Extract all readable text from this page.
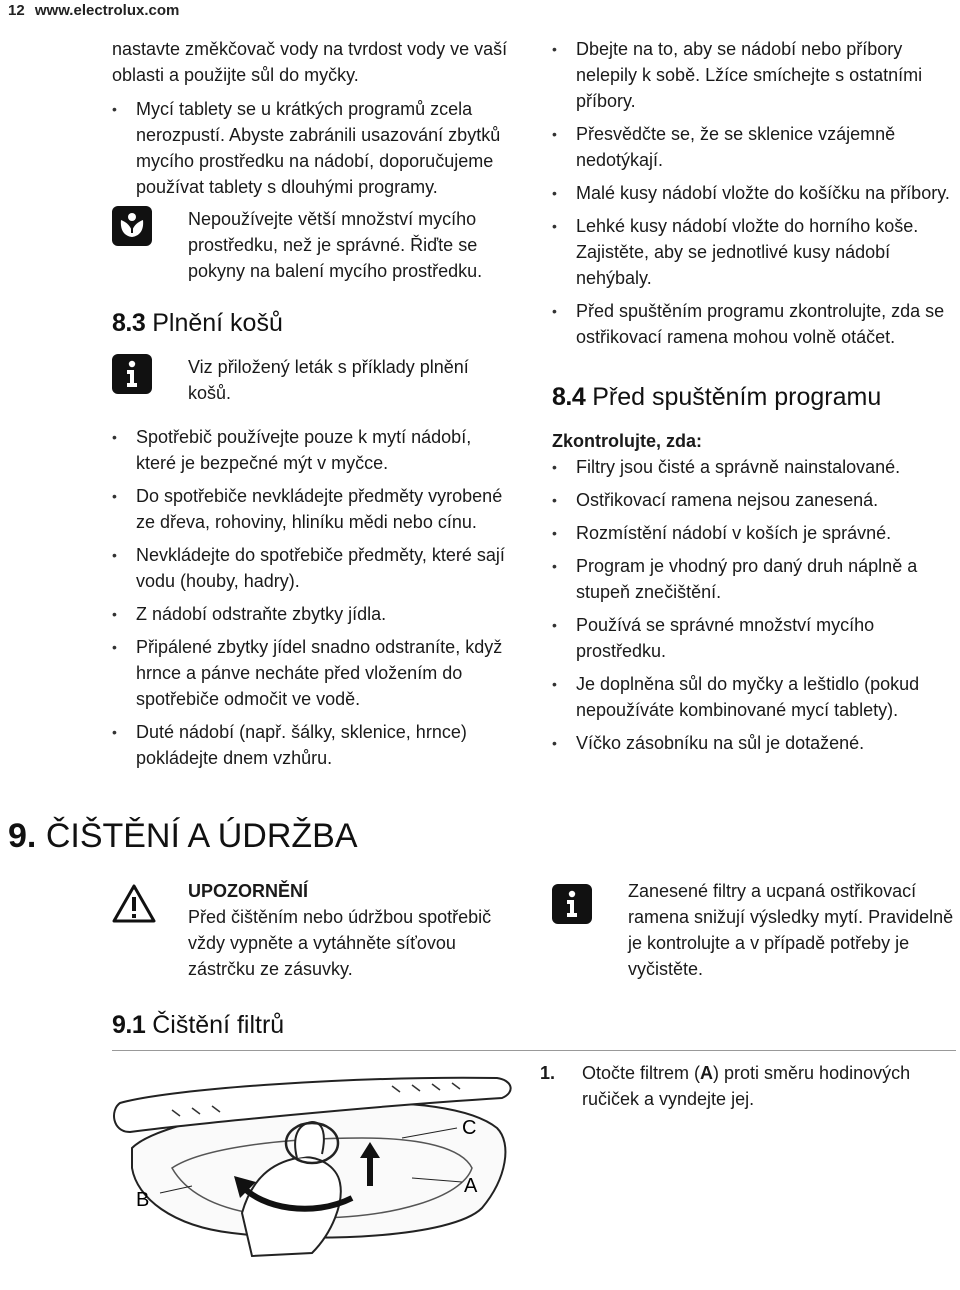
12 www.electrolux.com

nastavte změkčovač vody na tvrdost vody ve vaší oblasti a použijte sůl do myčky.

• Mycí tablety se u krátkých programů zcela nerozpustí. Abyste zabránili usazování zbytků mycího prostředku na nádobí, doporučujeme používat tablety s dlouhými programy.
Nepoužívejte větší množství mycího prostředku, než je správné. Řiďte se pokyny na balení mycího prostředku.
8.3 Plnění košů
Viz přiložený leták s příklady plnění košů.
• Spotřebič používejte pouze k mytí nádobí, které je bezpečné mýt v myčce.
• Do spotřebiče nevkládejte předměty vyrobené ze dřeva, rohoviny, hliníku mědi nebo cínu.
• Nevkládejte do spotřebiče předměty, které sají vodu (houby, hadry).
• Z nádobí odstraňte zbytky jídla.
• Připálené zbytky jídel snadno odstraníte, když hrnce a pánve necháte před vložením do spotřebiče odmočit ve vodě.
• Duté nádobí (např. šálky, sklenice, hrnce) pokládejte dnem vzhůru.
• Dbejte na to, aby se nádobí nebo příbory nelepily k sobě. Lžíce smíchejte s ostatními příbory.
• Přesvědčte se, že se sklenice vzájemně nedotýkají.
• Malé kusy nádobí vložte do košíčku na příbory.
• Lehké kusy nádobí vložte do horního koše. Zajistěte, aby se jednotlivé kusy nádobí nehýbaly.
• Před spuštěním programu zkontrolujte, zda se ostřikovací ramena mohou volně otáčet.
8.4 Před spuštěním programu

Zkontrolujte, zda:

• Filtry jsou čisté a správně nainstalované.
• Ostřikovací ramena nejsou zanesená.
• Rozmístění nádobí v koších je správné.
• Program je vhodný pro daný druh náplně a stupeň znečištění.
• Používá se správné množství mycího prostředku.
• Je doplněna sůl do myčky a leštidlo (pokud nepoužíváte kombinované mycí tablety).
• Víčko zásobníku na sůl je dotažené.
9. ČIŠTĚNÍ A ÚDRŽBA
UPOZORNĚNÍ
Před čištěním nebo údržbou spotřebič vždy vypněte a vytáhněte síťovou zástrčku ze zásuvky.
Zanesené filtry a ucpaná ostřikovací ramena snižují výsledky mytí. Pravidelně je kontrolujte a v případě potřeby je vyčistěte.
9.1 Čištění filtrů
1. Otočte filtrem (A) proti směru hodinových ručiček a vyndejte jej.
A
C
B
